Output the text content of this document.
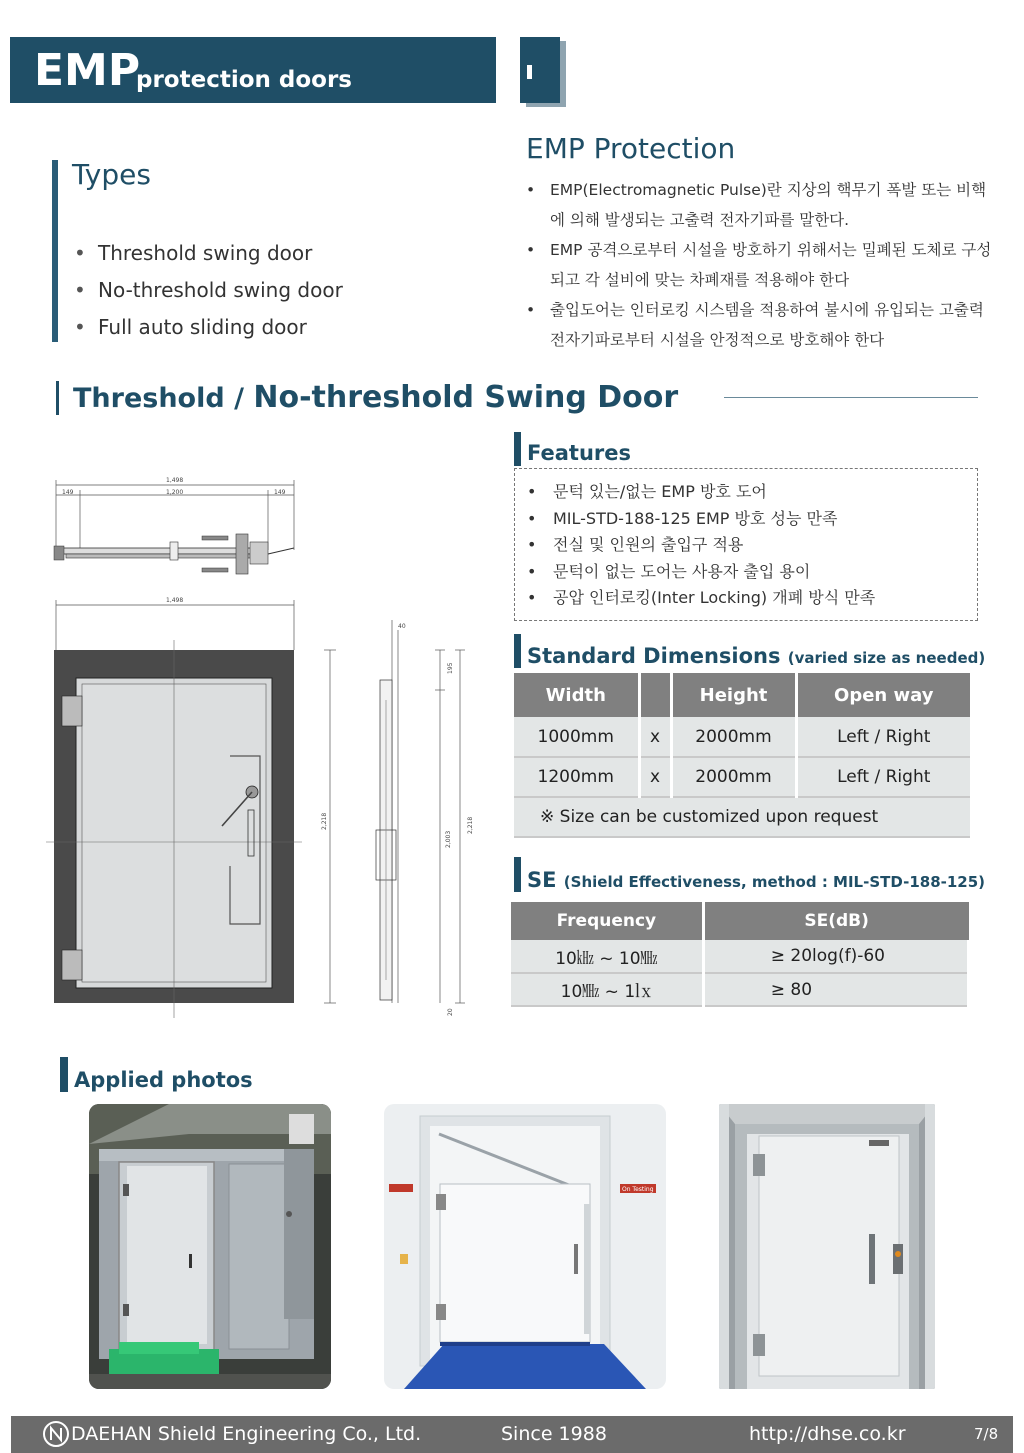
EMP
protection doors
Types
• Threshold swing door
• No-threshold swing door
• Full auto sliding door
EMP Protection
• EMP(Electromagnetic Pulse)란 지상의 핵무기 폭발 또는 비핵에 의해 발생되는 고출력 전자기파를 말한다.
• EMP 공격으로부터 시설을 방호하기 위해서는 밀폐된 도체로 구성되고 각 설비에 맞는 차폐재를 적용해야 한다
• 출입도어는 인터로킹 시스템을 적용하여 불시에 유입되는 고출력 전자기파로부터 시설을 안정적으로 방호해야 한다
Threshold / No-threshold Swing Door
1,498
149	1,200	149
1,498
2,218
40
195
2,003
2,218
20
Features
• 문턱 있는/없는 EMP 방호 도어
• MIL-STD-188-125 EMP 방호 성능 만족
• 전실 및 인원의 출입구 적용
• 문턱이 없는 도어는 사용자 출입 용이
• 공압 인터로킹(Inter Locking) 개폐 방식 만족
Standard Dimensions (varied size as needed)
Width		Height	Open way
1000mm	x	2000mm	Left / Right
1200mm	x	2000mm	Left / Right
※ Size can be customized upon request			
SE (Shield Effectiveness, method : MIL-STD-188-125)
Frequency	SE(dB)
10㎑ ~ 10㎒	≥ 20log(f)-60
10㎒ ~ 1㏓	≥ 80
Applied photos
On Testing
DAEHAN Shield Engineering Co., Ltd.	Since 1988	http://dhse.co.kr	7/8
